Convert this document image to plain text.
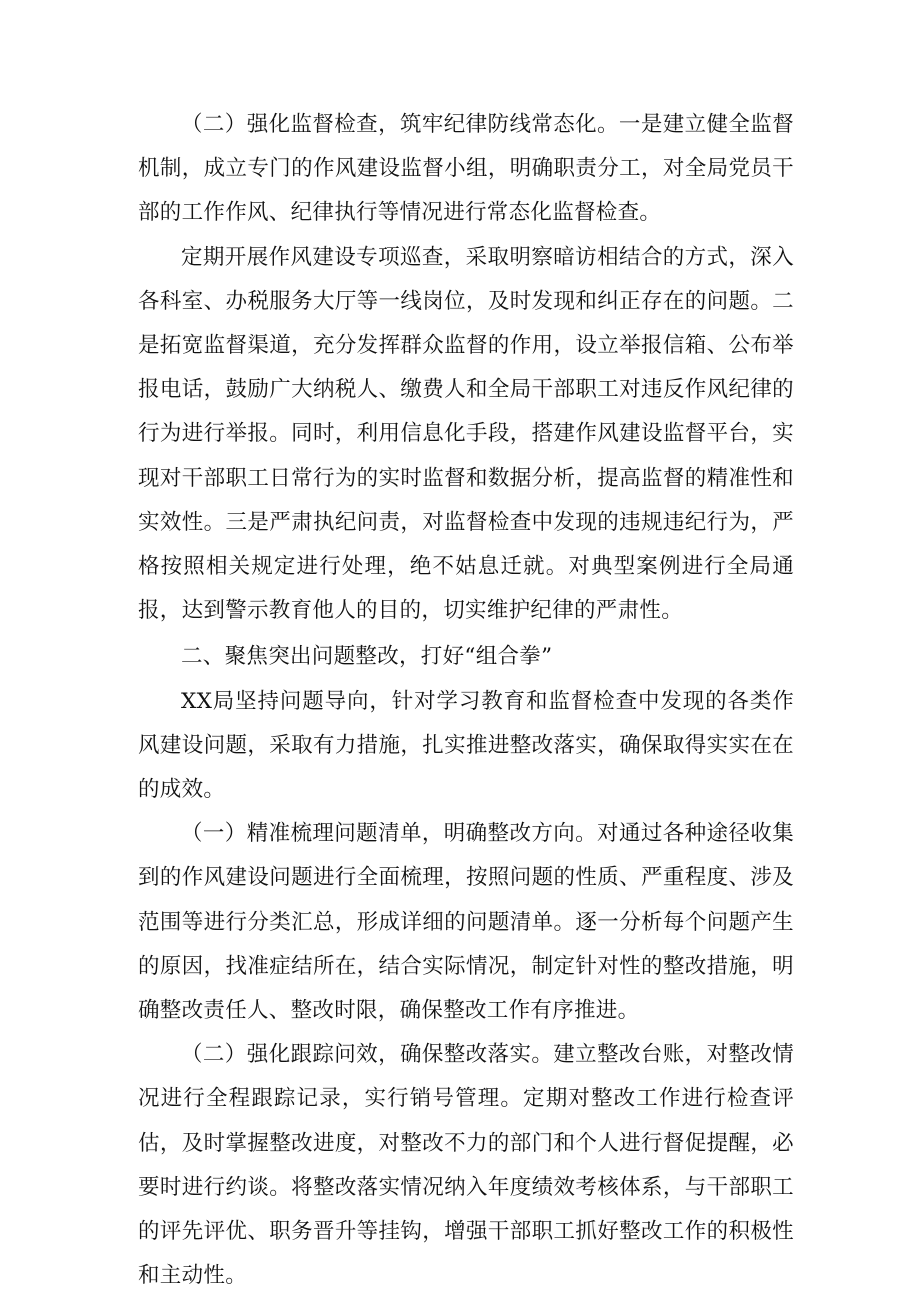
（二）强化监督检查，筑牢纪律防线常态化。一是建立健全监督机制，成立专门的作风建设监督小组，明确职责分工，对全局党员干部的工作作风、纪律执行等情况进行常态化监督检查。

定期开展作风建设专项巡查，采取明察暗访相结合的方式，深入各科室、办税服务大厅等一线岗位，及时发现和纠正存在的问题。二是拓宽监督渠道，充分发挥群众监督的作用，设立举报信箱、公布举报电话，鼓励广大纳税人、缴费人和全局干部职工对违反作风纪律的行为进行举报。同时，利用信息化手段，搭建作风建设监督平台，实现对干部职工日常行为的实时监督和数据分析，提高监督的精准性和实效性。三是严肃执纪问责，对监督检查中发现的违规违纪行为，严格按照相关规定进行处理，绝不姑息迁就。对典型案例进行全局通报，达到警示教育他人的目的，切实维护纪律的严肃性。

二、聚焦突出问题整改，打好“组合拳”

XX局坚持问题导向，针对学习教育和监督检查中发现的各类作风建设问题，采取有力措施，扎实推进整改落实，确保取得实实在在的成效。

（一）精准梳理问题清单，明确整改方向。对通过各种途径收集到的作风建设问题进行全面梳理，按照问题的性质、严重程度、涉及范围等进行分类汇总，形成详细的问题清单。逐一分析每个问题产生的原因，找准症结所在，结合实际情况，制定针对性的整改措施，明确整改责任人、整改时限，确保整改工作有序推进。

（二）强化跟踪问效，确保整改落实。建立整改台账，对整改情况进行全程跟踪记录，实行销号管理。定期对整改工作进行检查评估，及时掌握整改进度，对整改不力的部门和个人进行督促提醒，必要时进行约谈。将整改落实情况纳入年度绩效考核体系，与干部职工的评先评优、职务晋升等挂钩，增强干部职工抓好整改工作的积极性和主动性。
